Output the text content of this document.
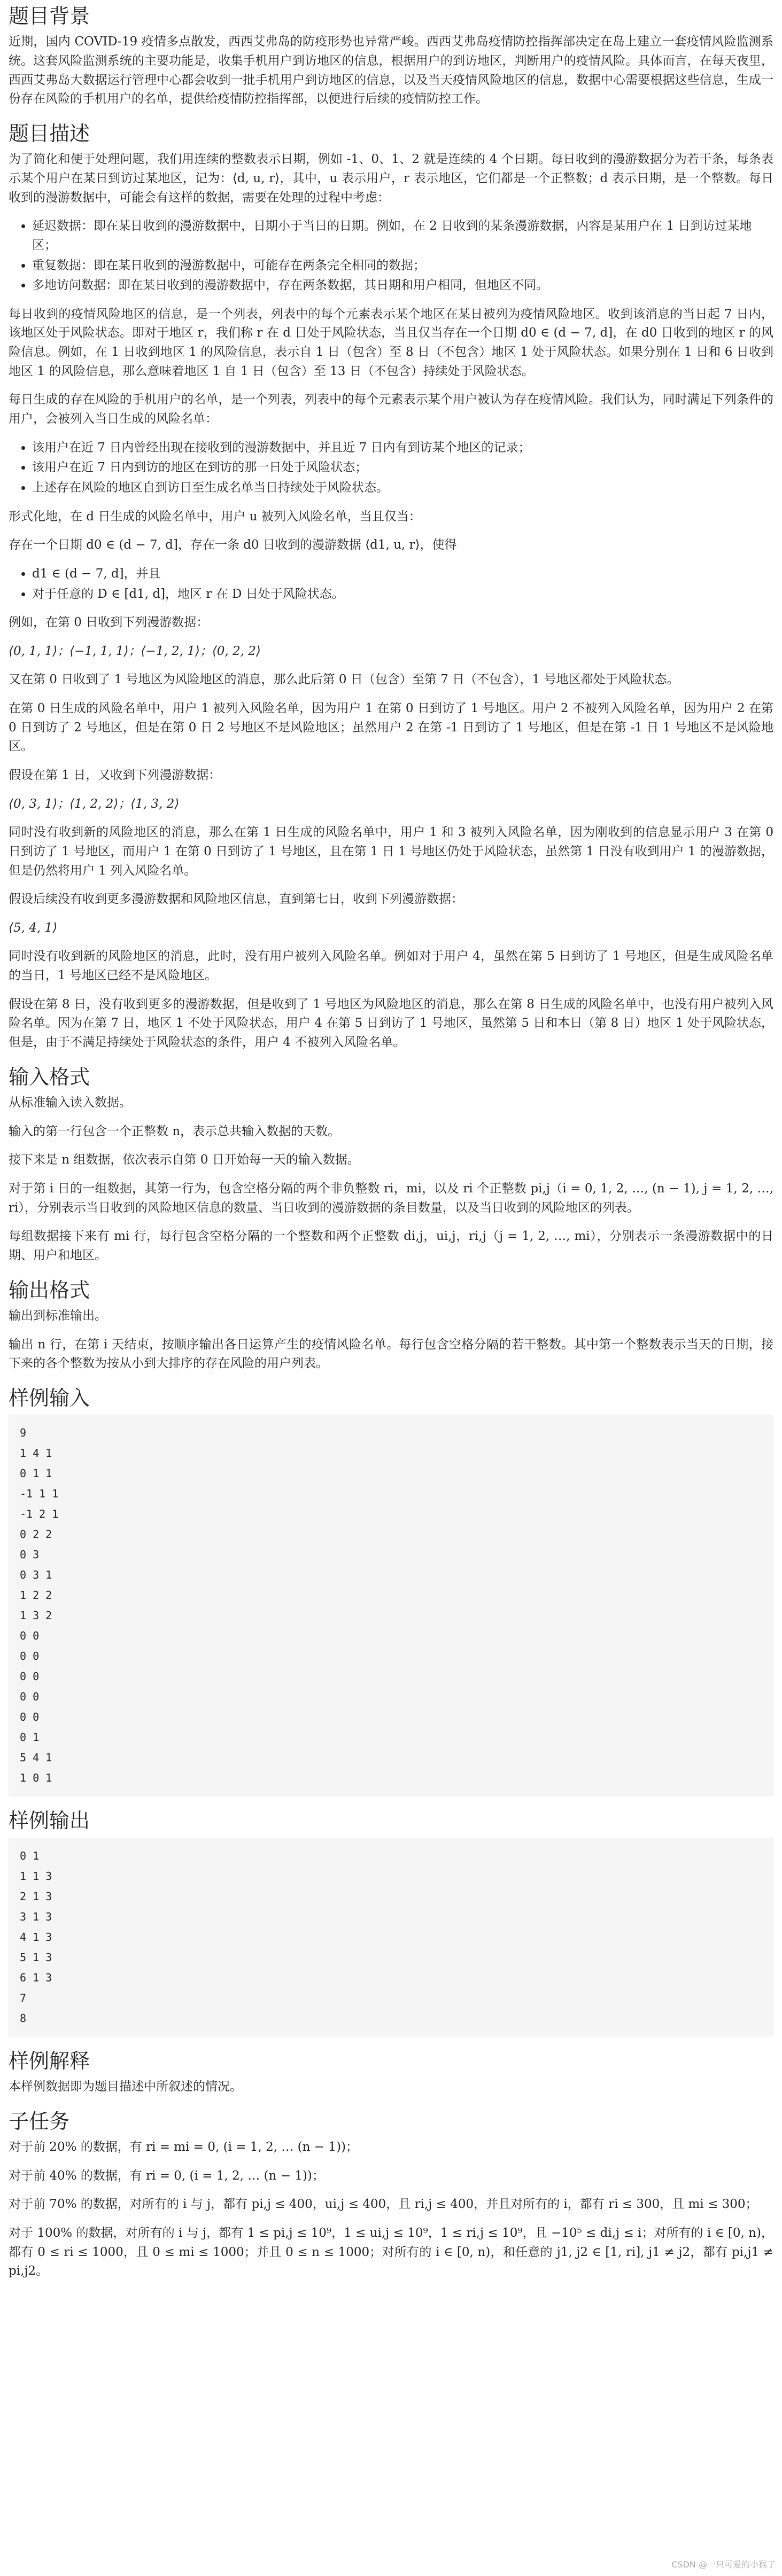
题目背景

近期，国内 COVID-19 疫情多点散发，西西艾弗岛的防疫形势也异常严峻。西西艾弗岛疫情防控指挥部决定在岛上建立一套疫情风险监测系统。这套风险监测系统的主要功能是，收集手机用户到访地区的信息，根据用户的到访地区，判断用户的疫情风险。具体而言，在每天夜里，西西艾弗岛大数据运行管理中心都会收到一批手机用户到访地区的信息，以及当天疫情风险地区的信息，数据中心需要根据这些信息，生成一份存在风险的手机用户的名单，提供给疫情防控指挥部，以便进行后续的疫情防控工作。

题目描述

为了简化和便于处理问题，我们用连续的整数表示日期，例如 -1、0、1、2 就是连续的 4 个日期。每日收到的漫游数据分为若干条，每条表示某个用户在某日到访过某地区，记为：⟨d, u, r⟩，其中，u 表示用户，r 表示地区，它们都是一个正整数；d 表示日期，是一个整数。每日收到的漫游数据中，可能会有这样的数据，需要在处理的过程中考虑：

• 延迟数据：即在某日收到的漫游数据中，日期小于当日的日期。例如，在 2 日收到的某条漫游数据，内容是某用户在 1 日到访过某地区；
• 重复数据：即在某日收到的漫游数据中，可能存在两条完全相同的数据；
• 多地访问数据：即在某日收到的漫游数据中，存在两条数据，其日期和用户相同，但地区不同。

每日收到的疫情风险地区的信息，是一个列表，列表中的每个元素表示某个地区在某日被列为疫情风险地区。收到该消息的当日起 7 日内，该地区处于风险状态。即对于地区 r，我们称 r 在 d 日处于风险状态，当且仅当存在一个日期 d0 ∈ (d − 7, d]，在 d0 日收到的地区 r 的风险信息。例如，在 1 日收到地区 1 的风险信息，表示自 1 日（包含）至 8 日（不包含）地区 1 处于风险状态。如果分别在 1 日和 6 日收到地区 1 的风险信息，那么意味着地区 1 自 1 日（包含）至 13 日（不包含）持续处于风险状态。

每日生成的存在风险的手机用户的名单，是一个列表，列表中的每个元素表示某个用户被认为存在疫情风险。我们认为，同时满足下列条件的用户，会被列入当日生成的风险名单：

• 该用户在近 7 日内曾经出现在接收到的漫游数据中，并且近 7 日内有到访某个地区的记录；
• 该用户在近 7 日内到访的地区在到访的那一日处于风险状态；
• 上述存在风险的地区自到访日至生成名单当日持续处于风险状态。

形式化地，在 d 日生成的风险名单中，用户 u 被列入风险名单，当且仅当：

存在一个日期 d0 ∈ (d − 7, d]，存在一条 d0 日收到的漫游数据 ⟨d1, u, r⟩，使得

• d1 ∈ (d − 7, d]，并且
• 对于任意的 D ∈ [d1, d]，地区 r 在 D 日处于风险状态。

例如，在第 0 日收到下列漫游数据：

⟨0, 1, 1⟩；⟨−1, 1, 1⟩；⟨−1, 2, 1⟩；⟨0, 2, 2⟩

又在第 0 日收到了 1 号地区为风险地区的消息，那么此后第 0 日（包含）至第 7 日（不包含），1 号地区都处于风险状态。

在第 0 日生成的风险名单中，用户 1 被列入风险名单，因为用户 1 在第 0 日到访了 1 号地区。用户 2 不被列入风险名单，因为用户 2 在第 0 日到访了 2 号地区，但是在第 0 日 2 号地区不是风险地区；虽然用户 2 在第 -1 日到访了 1 号地区，但是在第 -1 日 1 号地区不是风险地区。

假设在第 1 日，又收到下列漫游数据：

⟨0, 3, 1⟩；⟨1, 2, 2⟩；⟨1, 3, 2⟩

同时没有收到新的风险地区的消息，那么在第 1 日生成的风险名单中，用户 1 和 3 被列入风险名单，因为刚收到的信息显示用户 3 在第 0 日到访了 1 号地区，而用户 1 在第 0 日到访了 1 号地区，且在第 1 日 1 号地区仍处于风险状态，虽然第 1 日没有收到用户 1 的漫游数据，但是仍然将用户 1 列入风险名单。

假设后续没有收到更多漫游数据和风险地区信息，直到第七日，收到下列漫游数据：

⟨5, 4, 1⟩

同时没有收到新的风险地区的消息，此时，没有用户被列入风险名单。例如对于用户 4，虽然在第 5 日到访了 1 号地区，但是生成风险名单的当日，1 号地区已经不是风险地区。

假设在第 8 日，没有收到更多的漫游数据，但是收到了 1 号地区为风险地区的消息，那么在第 8 日生成的风险名单中，也没有用户被列入风险名单。因为在第 7 日，地区 1 不处于风险状态，用户 4 在第 5 日到访了 1 号地区，虽然第 5 日和本日（第 8 日）地区 1 处于风险状态，但是，由于不满足持续处于风险状态的条件，用户 4 不被列入风险名单。

输入格式

从标准输入读入数据。

输入的第一行包含一个正整数 n，表示总共输入数据的天数。

接下来是 n 组数据，依次表示自第 0 日开始每一天的输入数据。

对于第 i 日的一组数据，其第一行为，包含空格分隔的两个非负整数 ri，mi，以及 ri 个正整数 pi,j（i = 0, 1, 2, …, (n − 1), j = 1, 2, …, ri），分别表示当日收到的风险地区信息的数量、当日收到的漫游数据的条目数量，以及当日收到的风险地区的列表。

每组数据接下来有 mi 行，每行包含空格分隔的一个整数和两个正整数 di,j，ui,j，ri,j（j = 1, 2, …, mi），分别表示一条漫游数据中的日期、用户和地区。

输出格式

输出到标准输出。

输出 n 行，在第 i 天结束，按顺序输出各日运算产生的疫情风险名单。每行包含空格分隔的若干整数。其中第一个整数表示当天的日期，接下来的各个整数为按从小到大排序的存在风险的用户列表。

样例输入
9
1 4 1
0 1 1
-1 1 1
-1 2 1
0 2 2
0 3
0 3 1
1 2 2
1 3 2
0 0
0 0
0 0
0 0
0 0
0 1
5 4 1
1 0 1
样例输出
0 1
1 1 3
2 1 3
3 1 3
4 1 3
5 1 3
6 1 3
7
8
样例解释

本样例数据即为题目描述中所叙述的情况。

子任务

对于前 20% 的数据，有 ri = mi = 0, (i = 1, 2, … (n − 1))；

对于前 40% 的数据，有 ri = 0, (i = 1, 2, … (n − 1))；

对于前 70% 的数据，对所有的 i 与 j，都有 pi,j ≤ 400，ui,j ≤ 400，且 ri,j ≤ 400，并且对所有的 i，都有 ri ≤ 300，且 mi ≤ 300；

对于 100% 的数据，对所有的 i 与 j，都有 1 ≤ pi,j ≤ 10⁹，1 ≤ ui,j ≤ 10⁹，1 ≤ ri,j ≤ 10⁹，且 −10⁵ ≤ di,j ≤ i；对所有的 i ∈ [0, n)，都有 0 ≤ ri ≤ 1000，且 0 ≤ mi ≤ 1000；并且 0 ≤ n ≤ 1000；对所有的 i ∈ [0, n)，和任意的 j1, j2 ∈ [1, ri], j1 ≠ j2，都有 pi,j1 ≠ pi,j2。

CSDN @一只可爱的小猴子
